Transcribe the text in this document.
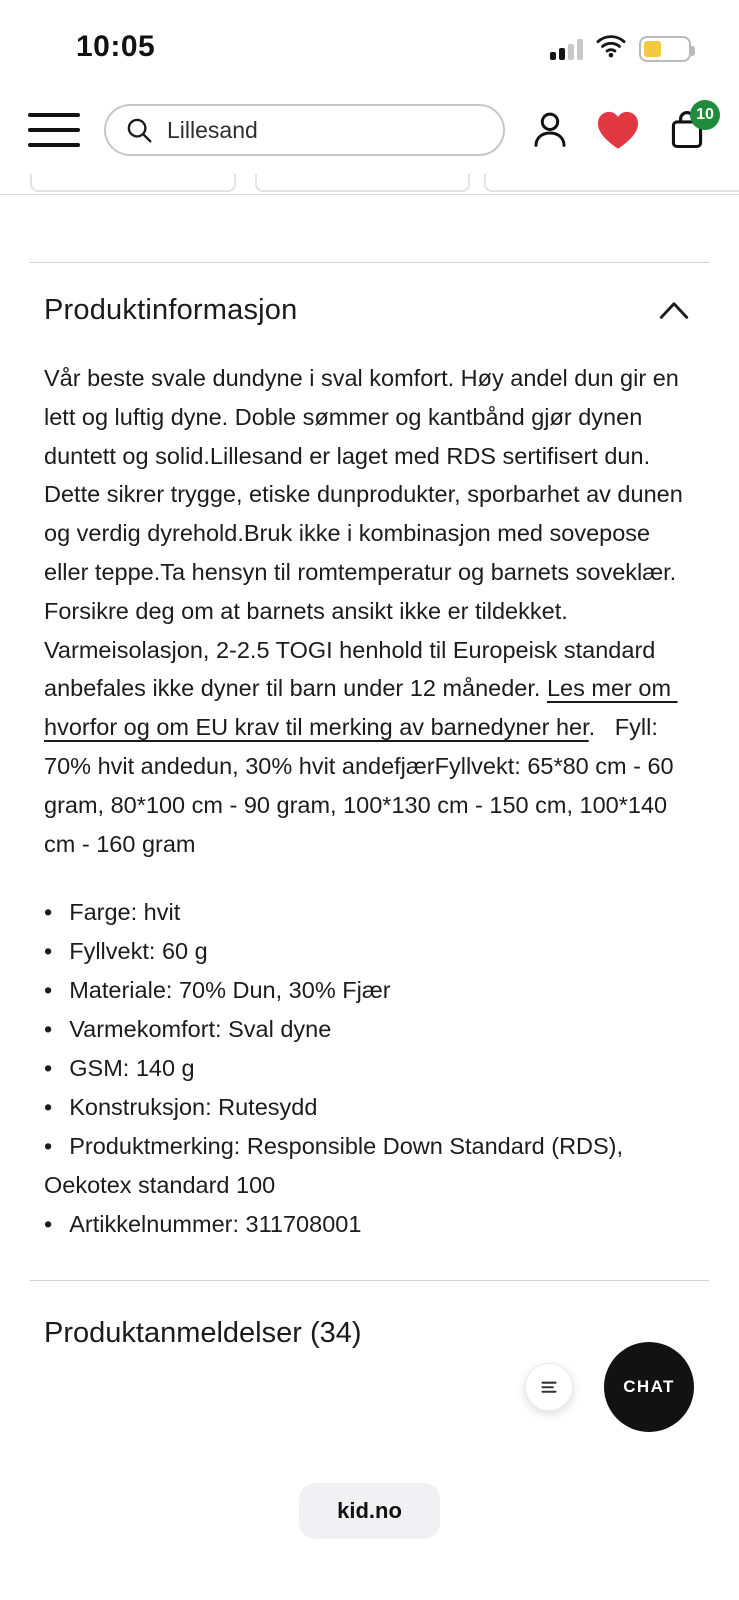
10:05
Lillesand
10
Produktinformasjon

Vår beste svale dundyne i sval komfort. Høy andel dun gir en lett og luftig dyne. Doble sømmer og kantbånd gjør dynen duntett og solid.Lillesand er laget med RDS sertifisert dun. Dette sikrer trygge, etiske dunprodukter, sporbarhet av dunen og verdig dyrehold.Bruk ikke i kombinasjon med sovepose eller teppe.Ta hensyn til romtemperatur og barnets soveklær. Forsikre deg om at barnets ansikt ikke er tildekket. Varmeisolasjon, 2-2.5 TOGI henhold til Europeisk standard anbefales ikke dyner til barn under 12 måneder. Les mer om hvorfor og om EU krav til merking av barnedyner her.   Fyll: 70% hvit andedun, 30% hvit andefjærFyllvekt: 65*80 cm - 60 gram, 80*100 cm - 90 gram, 100*130 cm - 150 cm, 100*140 cm - 160 gram

• Farge: hvit
• Fyllvekt: 60 g
• Materiale: 70% Dun, 30% Fjær
• Varmekomfort: Sval dyne
• GSM: 140 g
• Konstruksjon: Rutesydd
• Produktmerking: Responsible Down Standard (RDS), Oekotex standard 100
• Artikkelnummer: 311708001
Produktanmeldelser (34)
CHAT
kid.no
